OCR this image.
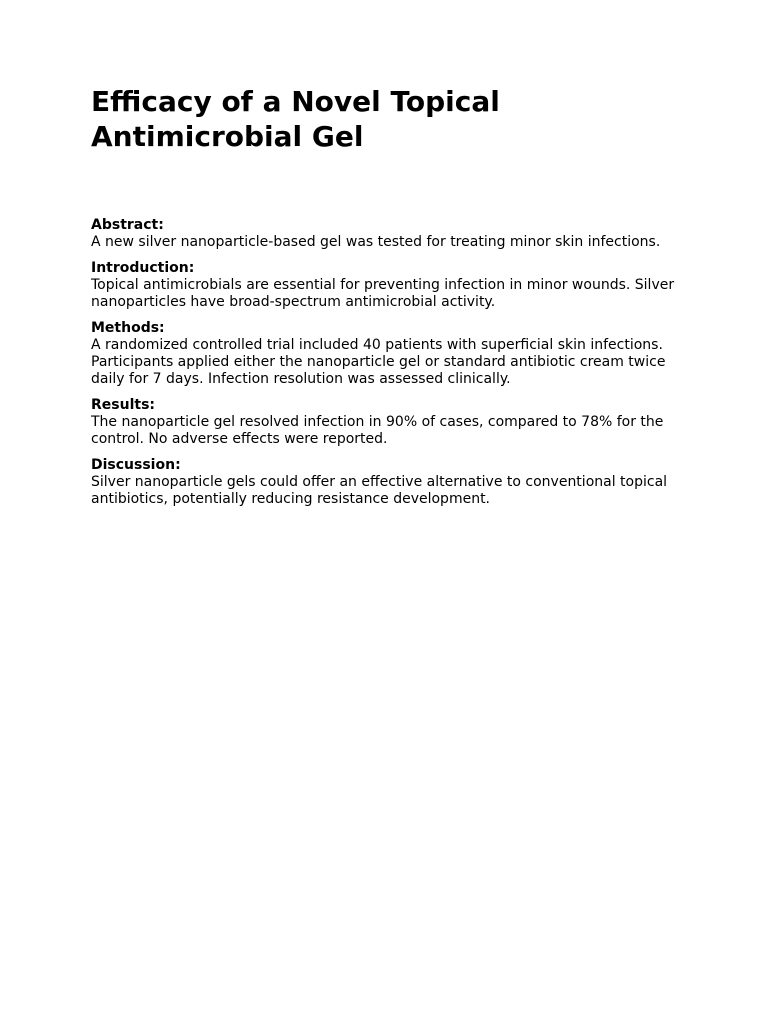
Efficacy of a Novel Topical Antimicrobial Gel
Abstract:
A new silver nanoparticle-based gel was tested for treating minor skin infections.
Introduction:
Topical antimicrobials are essential for preventing infection in minor wounds. Silver nanoparticles have broad-spectrum antimicrobial activity.
Methods:
A randomized controlled trial included 40 patients with superficial skin infections. Participants applied either the nanoparticle gel or standard antibiotic cream twice daily for 7 days. Infection resolution was assessed clinically.
Results:
The nanoparticle gel resolved infection in 90% of cases, compared to 78% for the control. No adverse effects were reported.
Discussion:
Silver nanoparticle gels could offer an effective alternative to conventional topical antibiotics, potentially reducing resistance development.
